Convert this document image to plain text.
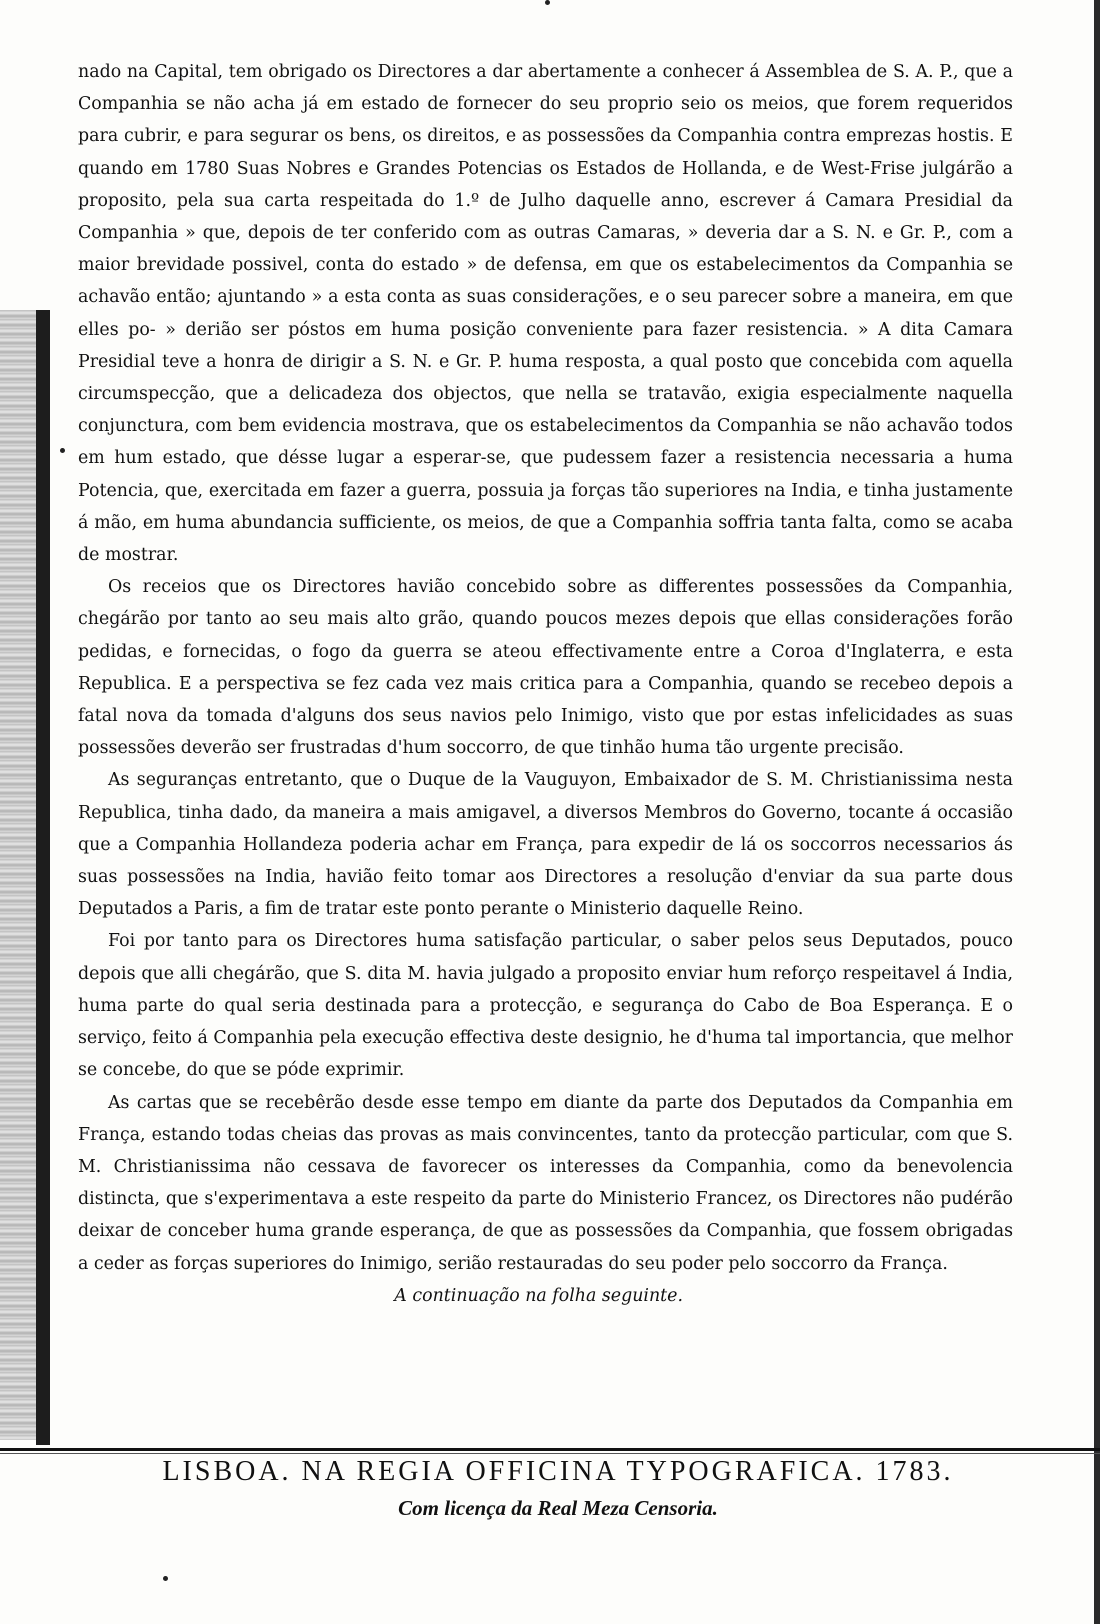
nado na Capital, tem obrigado os Directores a dar abertamente a conhecer á Assemblea de S. A. P., que a Companhia se não acha já em estado de fornecer do seu proprio seio os meios, que forem requeridos para cubrir, e para segurar os bens, os direitos, e as possessões da Companhia contra emprezas hostis. E quando em 1780 Suas Nobres e Grandes Potencias os Estados de Hollanda, e de West-Frise julgárão a proposito, pela sua carta respeitada do 1.º de Julho daquelle anno, escrever á Camara Presidial da Companhia » que, depois de ter conferido com as outras Camaras, » deveria dar a S. N. e Gr. P., com a maior brevidade possivel, conta do estado » de defensa, em que os estabelecimentos da Companhia se achavão então; ajuntando » a esta conta as suas considerações, e o seu parecer sobre a maneira, em que elles po- » derião ser póstos em huma posição conveniente para fazer resistencia. » A dita Camara Presidial teve a honra de dirigir a S. N. e Gr. P. huma resposta, a qual posto que concebida com aquella circumspecção, que a delicadeza dos objectos, que nella se tratavão, exigia especialmente naquella conjunctura, com bem evidencia mostrava, que os estabelecimentos da Companhia se não achavão todos em hum estado, que désse lugar a esperar-se, que pudessem fazer a resistencia necessaria a huma Potencia, que, exercitada em fazer a guerra, possuia ja forças tão superiores na India, e tinha justamente á mão, em huma abundancia sufficiente, os meios, de que a Companhia soffria tanta falta, como se acaba de mostrar.

Os receios que os Directores havião concebido sobre as differentes possessões da Companhia, chegárão por tanto ao seu mais alto grão, quando poucos mezes depois que ellas considerações forão pedidas, e fornecidas, o fogo da guerra se ateou effectivamente entre a Coroa d'Inglaterra, e esta Republica. E a perspectiva se fez cada vez mais critica para a Companhia, quando se recebeo depois a fatal nova da tomada d'alguns dos seus navios pelo Inimigo, visto que por estas infelicidades as suas possessões deverão ser frustradas d'hum soccorro, de que tinhão huma tão urgente precisão.

As seguranças entretanto, que o Duque de la Vauguyon, Embaixador de S. M. Christianissima nesta Republica, tinha dado, da maneira a mais amigavel, a diversos Membros do Governo, tocante á occasião que a Companhia Hollandeza poderia achar em França, para expedir de lá os soccorros necessarios ás suas possessões na India, havião feito tomar aos Directores a resolução d'enviar da sua parte dous Deputados a Paris, a fim de tratar este ponto perante o Ministerio daquelle Reino.

Foi por tanto para os Directores huma satisfação particular, o saber pelos seus Deputados, pouco depois que alli chegárão, que S. dita M. havia julgado a proposito enviar hum reforço respeitavel á India, huma parte do qual seria destinada para a protecção, e segurança do Cabo de Boa Esperança. E o serviço, feito á Companhia pela execução effectiva deste designio, he d'huma tal importancia, que melhor se concebe, do que se póde exprimir.

As cartas que se recebêrão desde esse tempo em diante da parte dos Deputados da Companhia em França, estando todas cheias das provas as mais convincentes, tanto da protecção particular, com que S. M. Christianissima não cessava de favorecer os interesses da Companhia, como da benevolencia distincta, que s'experimentava a este respeito da parte do Ministerio Francez, os Directores não pudérão deixar de conceber huma grande esperança, de que as possessões da Companhia, que fossem obrigadas a ceder as forças superiores do Inimigo, serião restauradas do seu poder pelo soccorro da França.

A continuação na folha seguinte.
LISBOA. NA REGIA OFFICINA TYPOGRAFICA. 1783.
Com licença da Real Meza Censoria.
